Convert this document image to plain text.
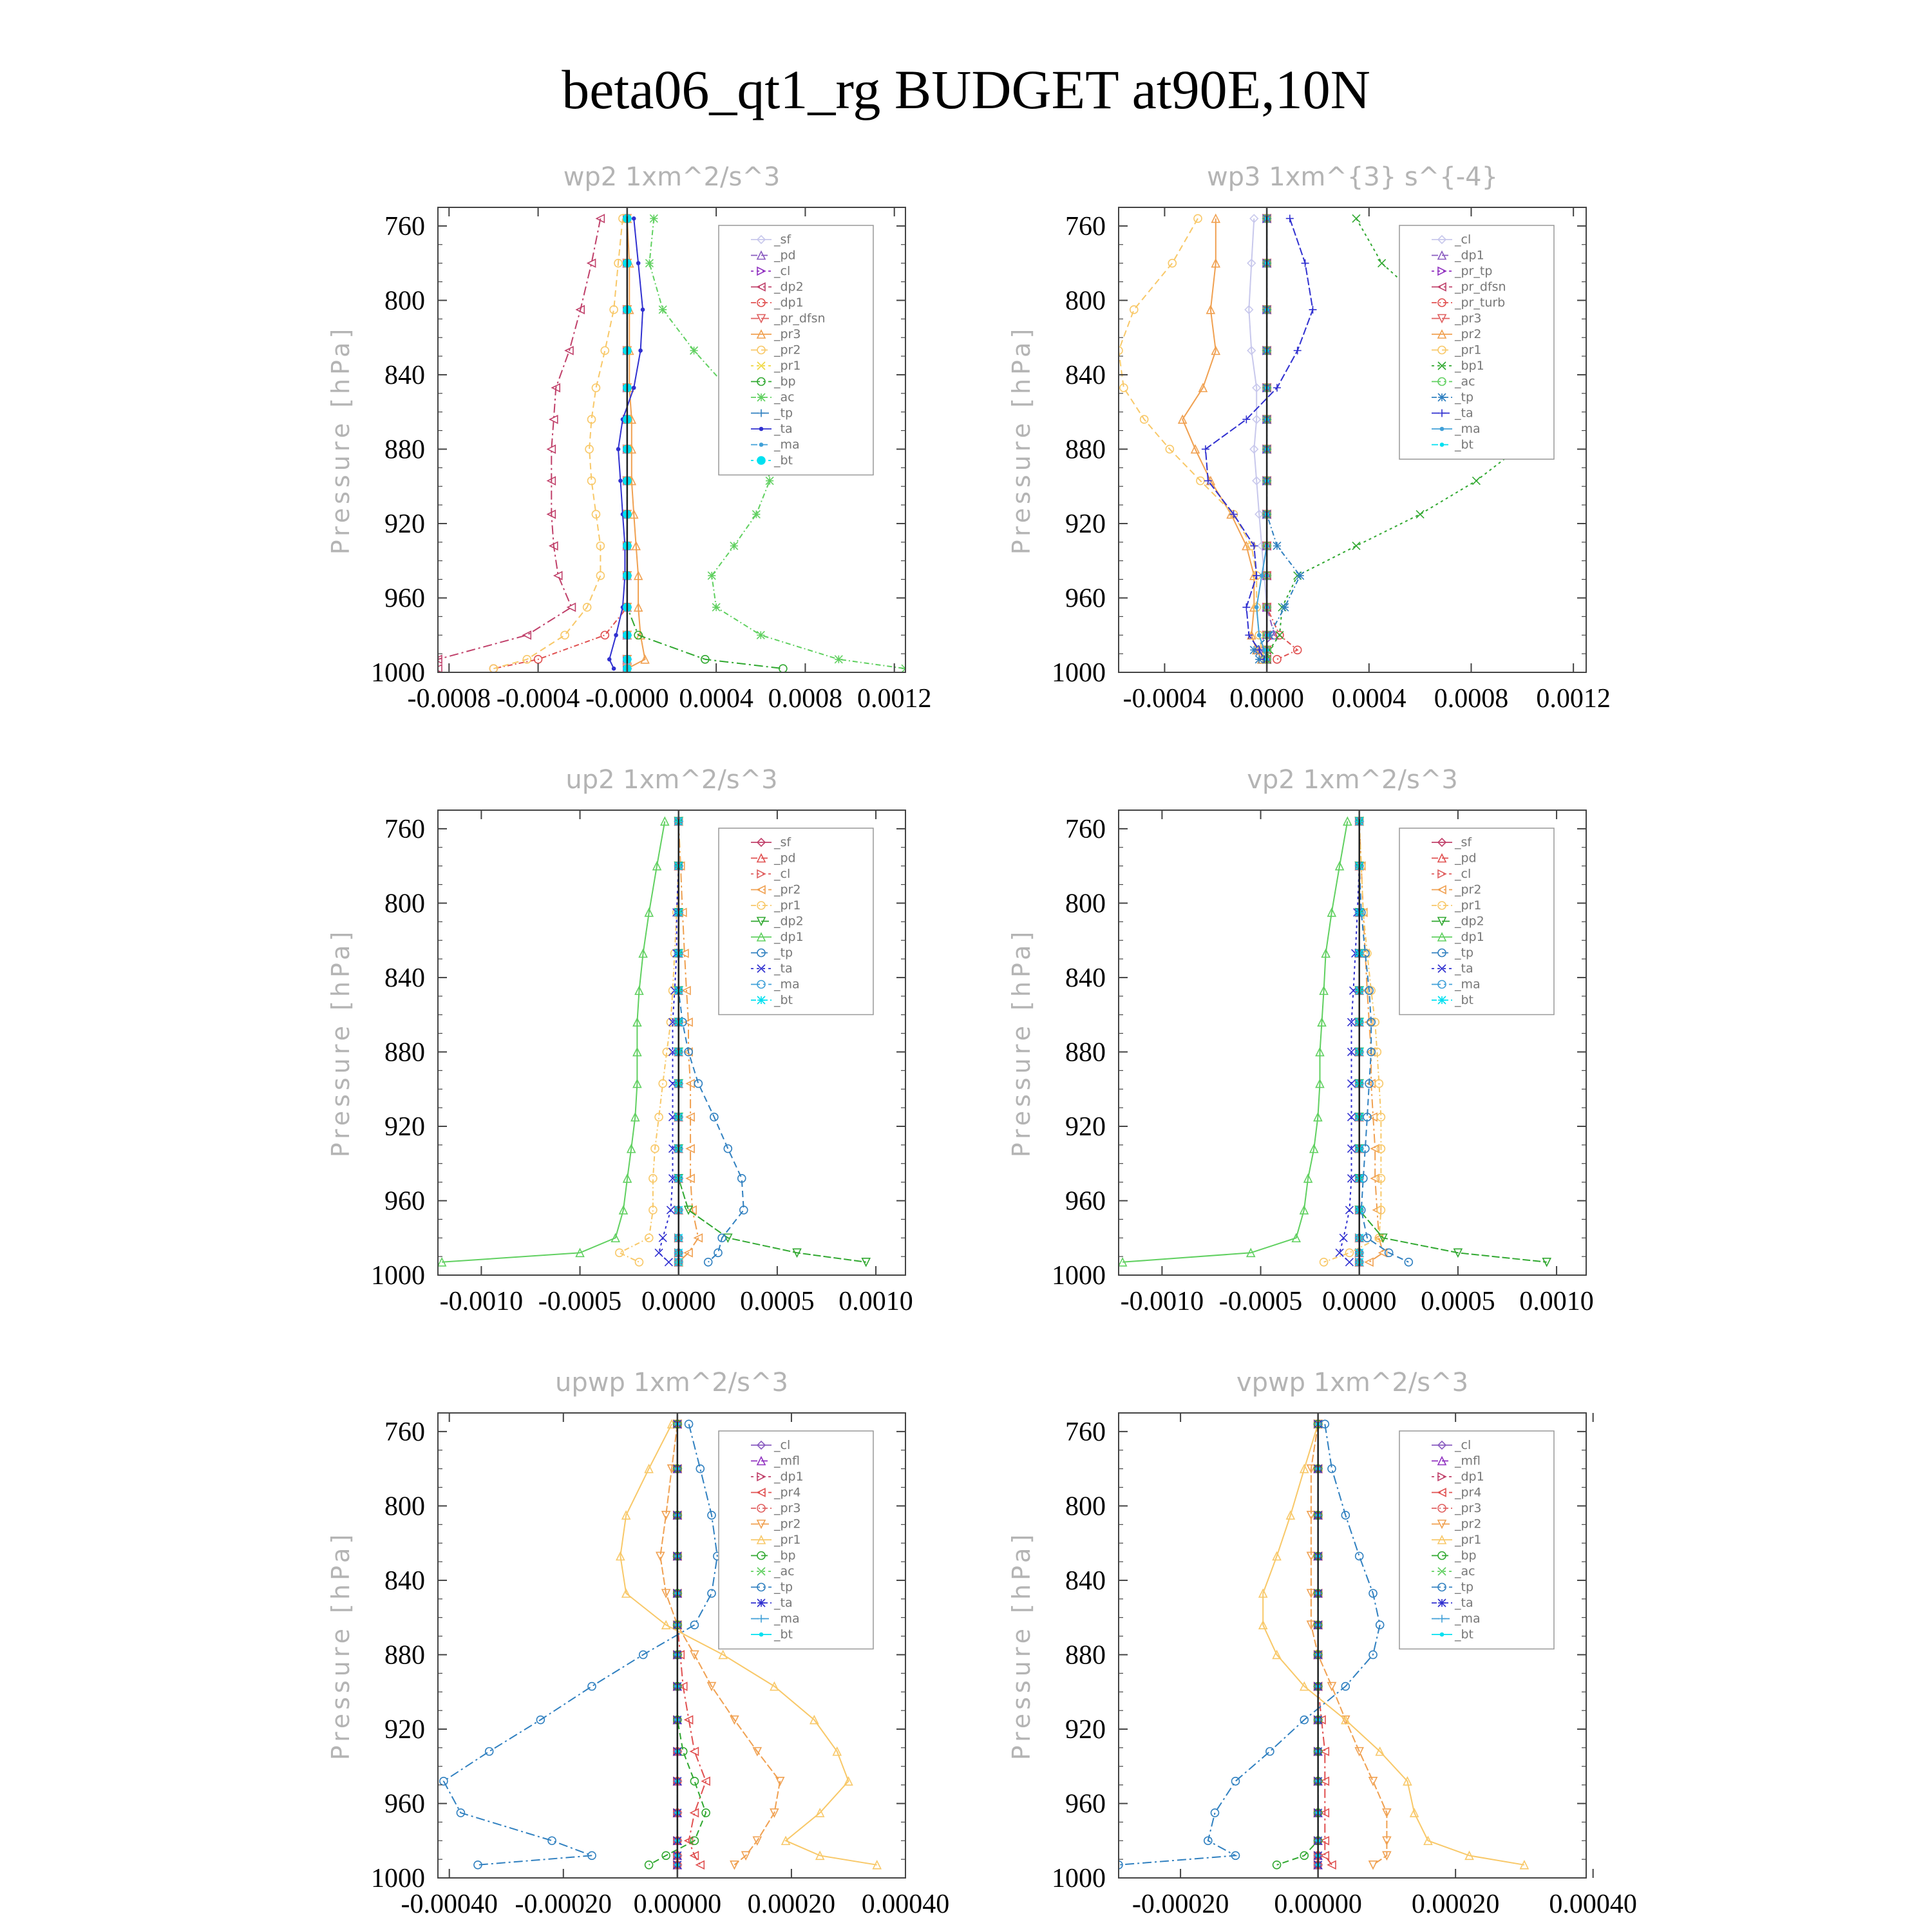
beta06_qt1_rg BUDGET at90E,10N
wp2 1xm^2/s^3
Pressure [hPa]
760
800
840
880
920
960
1000
-0.0008 -0.0004 -0.0000 0.0004 0.0008 0.0012
_sf
_pd
_cl
_dp2
_dp1
_pr_dfsn
_pr3
_pr2
_pr1
_bp
_ac
_tp
_ta
_ma
_bt
wp3 1xm^{3} s^{-4}
Pressure [hPa]
760
800
840
880
920
960
1000
-0.0004 0.0000 0.0004 0.0008 0.0012
_cl
_dp1
_pr_tp
_pr_dfsn
_pr_turb
_pr3
_pr2
_pr1
_bp1
_ac
_tp
_ta
_ma
_bt
up2 1xm^2/s^3
Pressure [hPa]
760
800
840
880
920
960
1000
-0.0010 -0.0005 0.0000 0.0005 0.0010
_sf
_pd
_cl
_pr2
_pr1
_dp2
_dp1
_tp
_ta
_ma
_bt
vp2 1xm^2/s^3
Pressure [hPa]
760
800
840
880
920
960
1000
-0.0010 -0.0005 0.0000 0.0005 0.0010
_sf
_pd
_cl
_pr2
_pr1
_dp2
_dp1
_tp
_ta
_ma
_bt
upwp 1xm^2/s^3
Pressure [hPa]
760
800
840
880
920
960
1000
-0.00040 -0.00020 0.00000 0.00020 0.00040
_cl
_mfl
_dp1
_pr4
_pr3
_pr2
_pr1
_bp
_ac
_tp
_ta
_ma
_bt
vpwp 1xm^2/s^3
Pressure [hPa]
760
800
840
880
920
960
1000
-0.00020 0.00000 0.00020 0.00040
_cl
_mfl
_dp1
_pr4
_pr3
_pr2
_pr1
_bp
_ac
_tp
_ta
_ma
_bt
